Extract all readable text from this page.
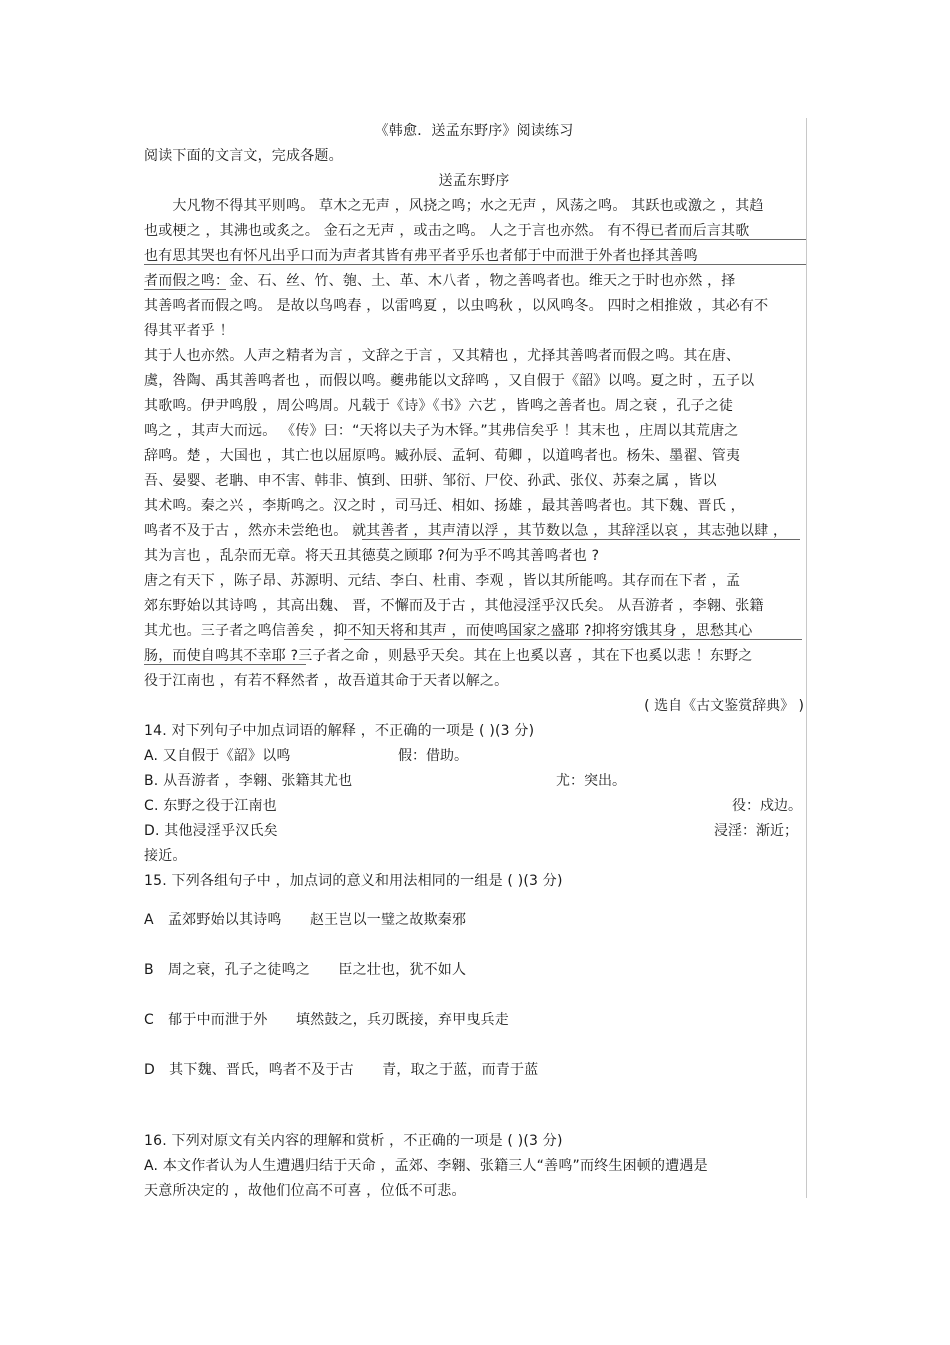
《韩愈．送孟东野序》阅读练习
阅读下面的文言文，完成各题。
送孟东野序
　　大凡物不得其平则鸣。 草木之无声 ，风挠之鸣；水之无声 ，风荡之鸣。 其跃也或激之 ，其趋
也或梗之 ，其沸也或炙之。 金石之无声 ，或击之鸣。 人之于言也亦然。 有不得已者而后言其歌
也有思其哭也有怀凡出乎口而为声者其皆有弗平者乎乐也者郁于中而泄于外者也择其善鸣
者而假之鸣：金、石、丝、竹、匏、土、革、木八者 ，物之善鸣者也。维天之于时也亦然 ，择
其善鸣者而假之鸣。 是故以鸟鸣春 ，以雷鸣夏 ，以虫鸣秋 ，以风鸣冬。 四时之相推敚 ，其必有不
得其平者乎 ！
其于人也亦然。人声之精者为言 ，文辞之于言 ，又其精也 ，尤择其善鸣者而假之鸣。其在唐、
虞，咎陶、禹其善鸣者也 ，而假以鸣。夔弗能以文辞鸣 ，又自假于《韶》以鸣。夏之时 ，五子以
其歌鸣。伊尹鸣殷 ，周公鸣周。凡载于《诗》《书》六艺 ，皆鸣之善者也。周之衰 ，孔子之徒
鸣之 ，其声大而远。 《传》曰：“天将以夫子为木铎。”其弗信矣乎 ！其末也 ，庄周以其荒唐之
辞鸣。楚 ，大国也 ，其亡也以屈原鸣。臧孙辰、孟轲、荀卿 ，以道鸣者也。杨朱、墨翟、管夷
吾、晏婴、老聃、申不害、韩非、慎到、田骈、邹衍、尸佼、孙武、张仪、苏秦之属 ，皆以
其术鸣。秦之兴 ，李斯鸣之。汉之时 ，司马迁、相如、扬雄 ，最其善鸣者也。其下魏、晋氏 ，
鸣者不及于古 ，然亦未尝绝也。 就其善者 ，其声清以浮 ，其节数以急 ，其辞淫以哀 ，其志弛以肆 ，
其为言也 ，乱杂而无章。将天丑其德莫之顾耶 ?何为乎不鸣其善鸣者也 ?
唐之有天下 ，陈子昂、苏源明、元结、李白、杜甫、李观 ，皆以其所能鸣。其存而在下者 ，孟
郊东野始以其诗鸣 ，其高出魏、 晋，不懈而及于古 ，其他浸淫乎汉氏矣。 从吾游者 ，李翱、张籍
其尤也。三子者之鸣信善矣 ，抑不知天将和其声 ，而使鸣国家之盛耶 ?抑将穷饿其身 ，思愁其心
肠，而使自鸣其不幸耶 ?三子者之命 ，则悬乎天矣。其在上也奚以喜 ，其在下也奚以悲 ！东野之
役于江南也 ，有若不释然者 ，故吾道其命于天者以解之。
( 选自《古文鉴赏辞典》 )
14. 对下列句子中加点词语的解释 ，不正确的一项是 ( )(3 分)
A. 又自假于《韶》以鸣	假：借助。
B. 从吾游者 ，李翱、张籍其尤也	尤：突出。
C. 东野之役于江南也	役：戍边。
D. 其他浸淫乎汉氏矣	浸淫：渐近；
接近。
15. 下列各组句子中 ，加点词的意义和用法相同的一组是 ( )(3 分)
A　孟郊野始以其诗鸣　　赵王岂以一璧之故欺秦邪
B　周之衰，孔子之徒鸣之　　臣之壮也，犹不如人
C　郁于中而泄于外　　填然鼓之，兵刃既接，弃甲曳兵走
D　其下魏、晋氏，鸣者不及于古　　青，取之于蓝，而青于蓝
16. 下列对原文有关内容的理解和赏析 ，不正确的一项是 ( )(3 分)
A. 本文作者认为人生遭遇归结于天命 ，孟郊、李翱、张籍三人“善鸣”而终生困顿的遭遇是
天意所决定的 ，故他们位高不可喜 ，位低不可悲。
